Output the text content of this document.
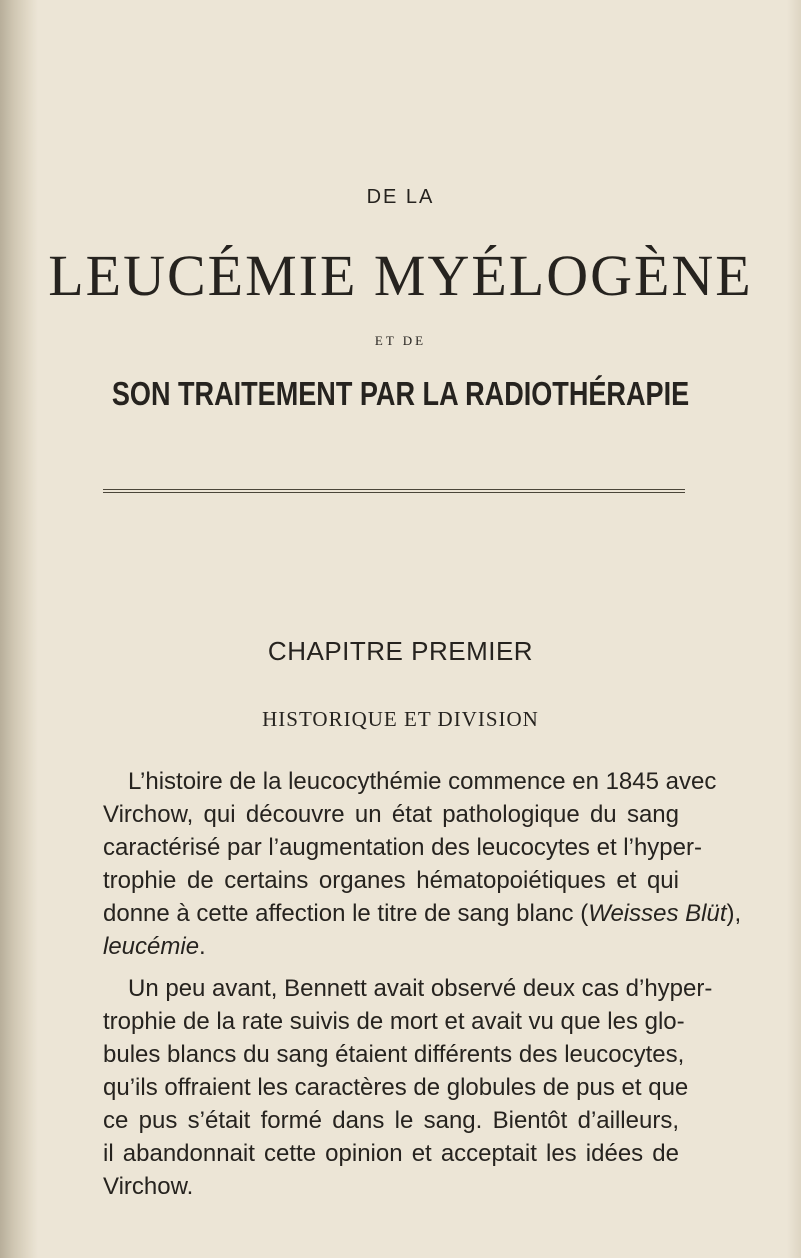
DE LA

LEUCÉMIE MYÉLOGÈNE

ET DE

SON TRAITEMENT PAR LA RADIOTHÉRAPIE

CHAPITRE PREMIER

HISTORIQUE ET DIVISION

L’histoire de la leucocythémie commence en 1845 avec

Virchow, qui découvre un état pathologique du sang

caractérisé par l’augmentation des leucocytes et l’hyper-

trophie de certains organes hématopoiétiques et qui

donne à cette affection le titre de sang blanc (Weisses Blüt),

leucémie.

Un peu avant, Bennett avait observé deux cas d’hyper-

trophie de la rate suivis de mort et avait vu que les glo-

bules blancs du sang étaient différents des leucocytes,

qu’ils offraient les caractères de globules de pus et que

ce pus s’était formé dans le sang. Bientôt d’ailleurs,

il abandonnait cette opinion et acceptait les idées de

Virchow.
